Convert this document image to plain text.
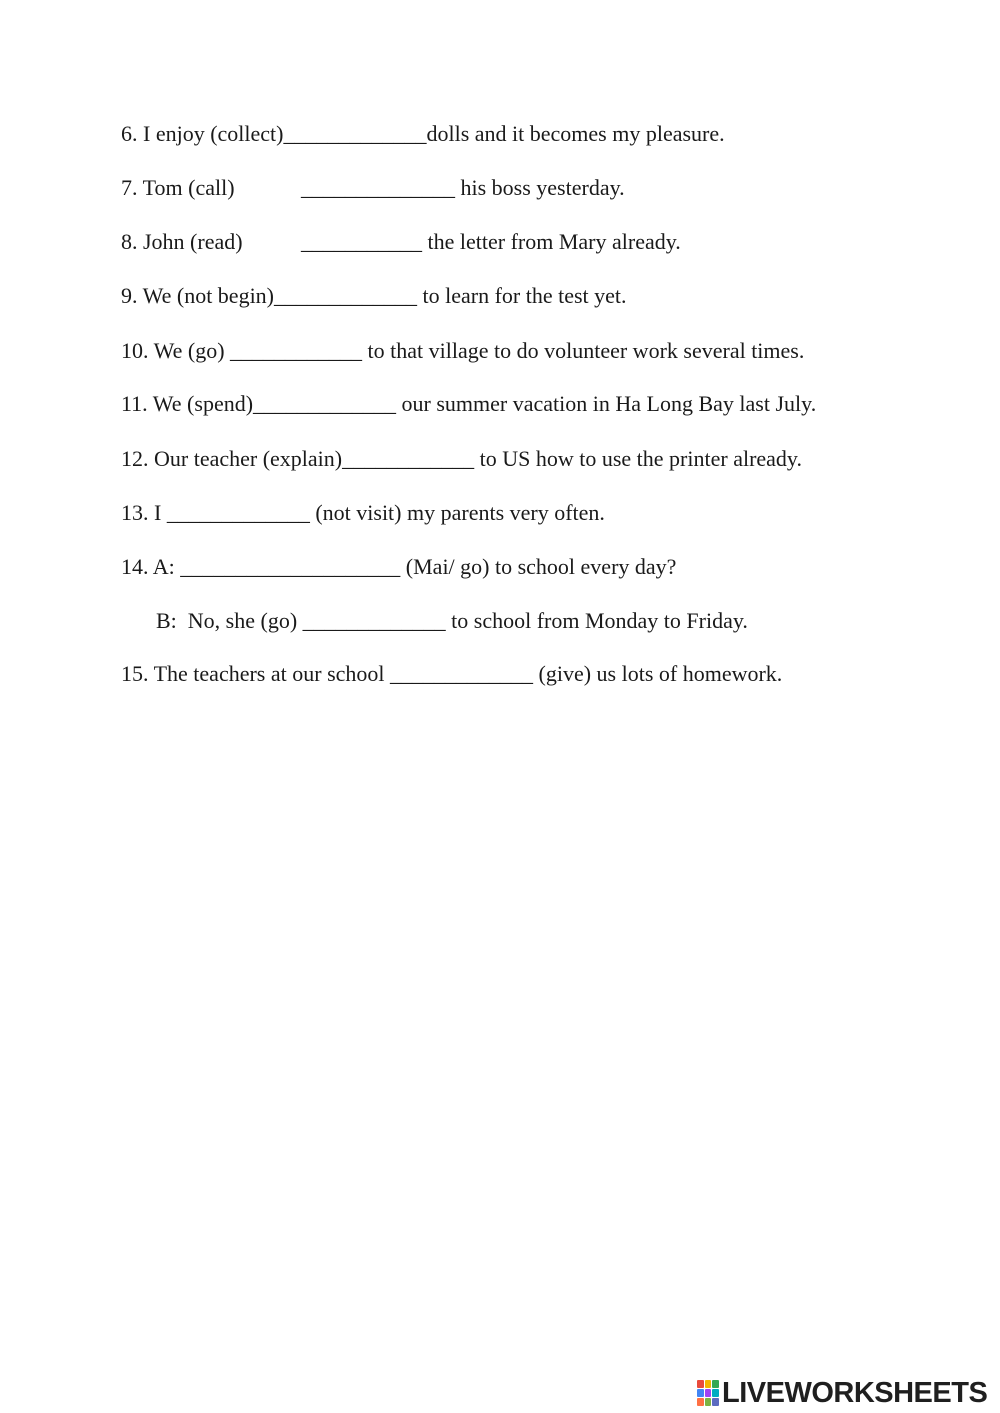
6. I enjoy (collect)_____________dolls and it becomes my pleasure.
7. Tom (call)	______________ his boss yesterday.
8. John (read)	___________ the letter from Mary already.
9. We (not begin)_____________ to learn for the test yet.
10. We (go) ____________ to that village to do volunteer work several times.
11. We (spend)_____________ our summer vacation in Ha Long Bay last July.
12. Our teacher (explain)____________ to US how to use the printer already.
13. I _____________ (not visit) my parents very often.
14. A: ____________________ (Mai/ go) to school every day?
B:  No, she (go) _____________ to school from Monday to Friday.
15. The teachers at our school _____________ (give) us lots of homework.
LIVEWORKSHEETS
